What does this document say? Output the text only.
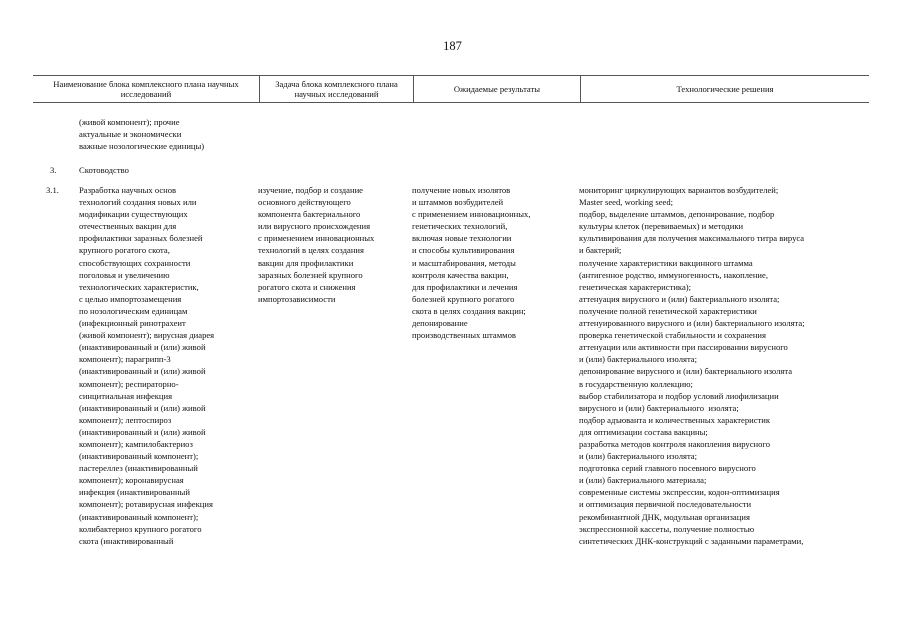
187
Наименование блока комплексного плана научных исследований
Задача блока комплексного плана научных исследований
Ожидаемые результаты	Технологические решения
(живой компонент); прочие
актуальные и экономически
важные нозологические единицы)
3.	Скотоводство
3.1. Разработка научных основ
технологий создания новых или
модификации существующих
отечественных вакцин для
профилактики заразных болезней
крупного рогатого скота,
способствующих сохранности
поголовья и увеличению
технологических характеристик,
с целью импортозамещения
по нозологическим единицам
(инфекционный ринотрахеит
(живой компонент); вирусная диарея
(инактивированный и (или) живой
компонент); парагрипп-3
(инактивированный и (или) живой
компонент); респираторно-
синцитиальная инфекция
(инактивированный и (или) живой
компонент); лептоспироз
(инактивированный и (или) живой
компонент); кампилобактериоз
(инактивированный компонент);
пастереллез (инактивированный
компонент); коронавирусная
инфекция (инактивированный
компонент); ротавирусная инфекция
(инактивированный компонент);
колибактериоз крупного рогатого
скота (инактивированный
изучение, подбор и создание
основного действующего
компонента бактериального
или вирусного происхождения
с применением инновационных
технологий в целях создания
вакцин для профилактики
заразных болезней крупного
рогатого скота и снижения
импортозависимости
получение новых изолятов
и штаммов возбудителей
с применением инновационных,
генетических технологий,
включая новые технологии
и способы культивирования
и масштабирования, методы
контроля качества вакцин,
для профилактики и лечения
болезней крупного рогатого
скота в целях создания вакцин;
депонирование
производственных штаммов
мониторинг циркулирующих вариантов возбудителей;
Master seed, working seed;
подбор, выделение штаммов, депонирование, подбор
культуры клеток (перевиваемых) и методики
культивирования для получения максимального титра вируса
и бактерий;
получение характеристики вакцинного штамма
(антигенное родство, иммуногенность, накопление,
генетическая характеристика);
аттенуация вирусного и (или) бактериального изолята;
получение полной генетической характеристики
аттенуированного вирусного и (или) бактериального изолята;
проверка генетической стабильности и сохранения
аттенуации или активности при пассировании вирусного
и (или) бактериального изолята;
депонирование вирусного и (или) бактериального изолята
в государственную коллекцию;
выбор стабилизатора и подбор условий лиофилизации
вирусного и (или) бактериального  изолята;
подбор адъюванта и количественных характеристик
для оптимизации состава вакцины;
разработка методов контроля накопления вирусного
и (или) бактериального изолята;
подготовка серий главного посевного вирусного
и (или) бактериального материала;
современные системы экспрессии, кодон-оптимизация
и оптимизация первичной последовательности
рекомбинантной ДНК, модульная организация
экспрессионной кассеты, получение полностью
синтетических ДНК-конструкций с заданными параметрами,
